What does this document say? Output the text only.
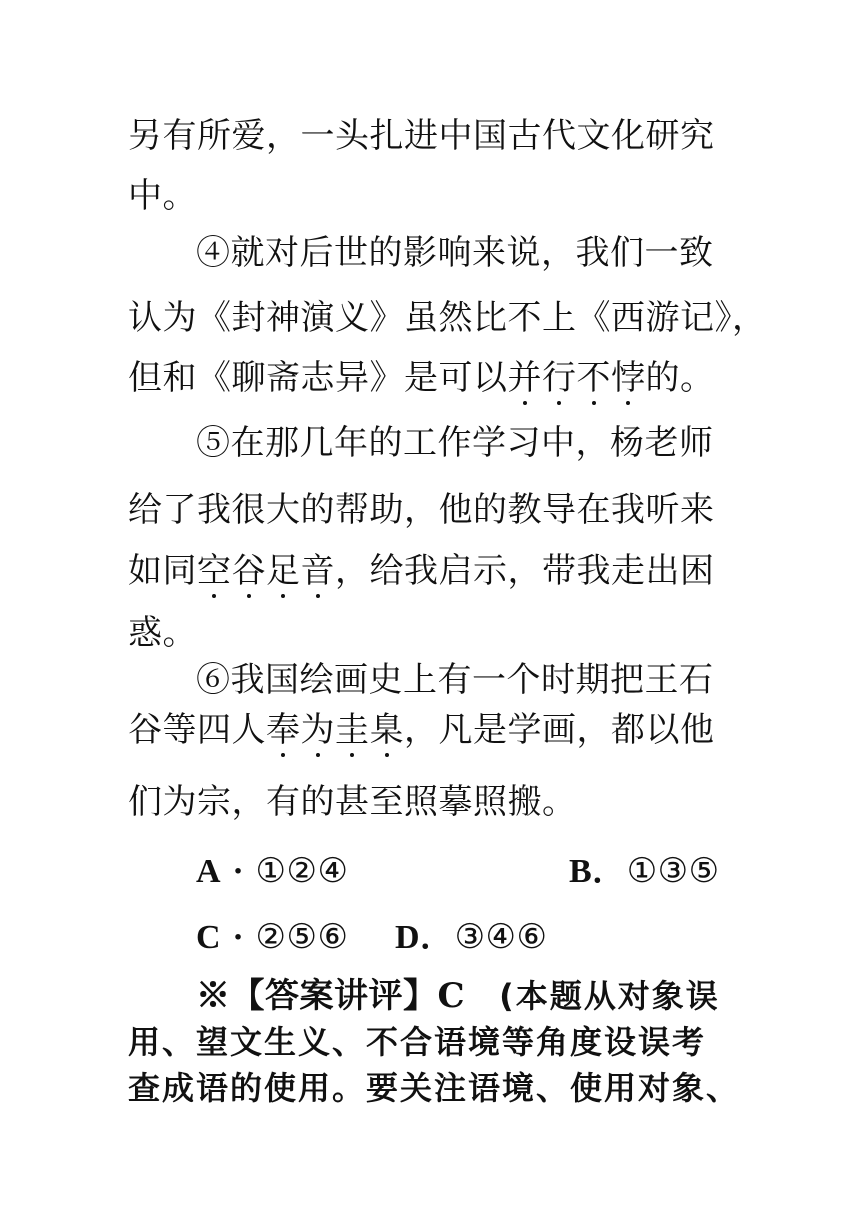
另有所爱，一头扎进中国古代文化研究
中。
④就对后世的影响来说，我们一致
认为《封神演义》虽然比不上《西游记》，
但和《聊斋志异》是可以并行不悖的。
⑤在那几年的工作学习中，杨老师
给了我很大的帮助，他的教导在我听来
如同空谷足音，给我启示，带我走出困
惑。
⑥我国绘画史上有一个时期把王石
谷等四人奉为圭臬，凡是学画，都以他
们为宗，有的甚至照摹照搬。
A · ①②④	B．①③⑤
C · ②⑤⑥ D．③④⑥
※【答案讲评】C　(本题从对象误
用、望文生义、不合语境等角度设误考
查成语的使用。要关注语境、使用对象、
